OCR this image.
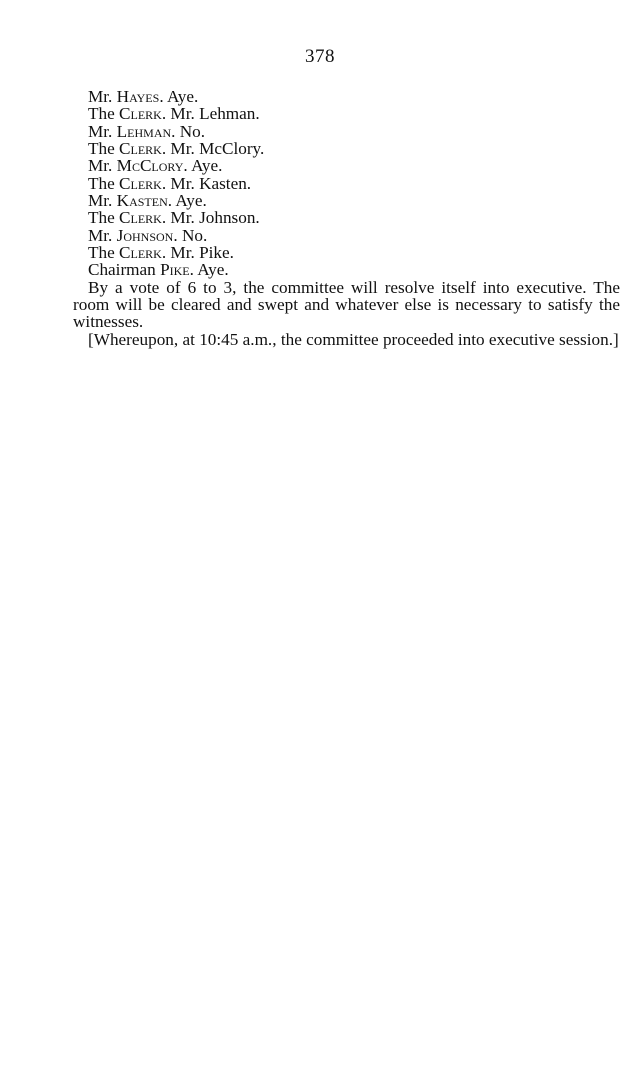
378
Mr. Hayes. Aye.
The Clerk. Mr. Lehman.
Mr. Lehman. No.
The Clerk. Mr. McClory.
Mr. McClory. Aye.
The Clerk. Mr. Kasten.
Mr. Kasten. Aye.
The Clerk. Mr. Johnson.
Mr. Johnson. No.
The Clerk. Mr. Pike.
Chairman Pike. Aye.
By a vote of 6 to 3, the committee will resolve itself into executive. The room will be cleared and swept and whatever else is necessary to satisfy the witnesses.
[Whereupon, at 10:45 a.m., the committee proceeded into executive session.]
